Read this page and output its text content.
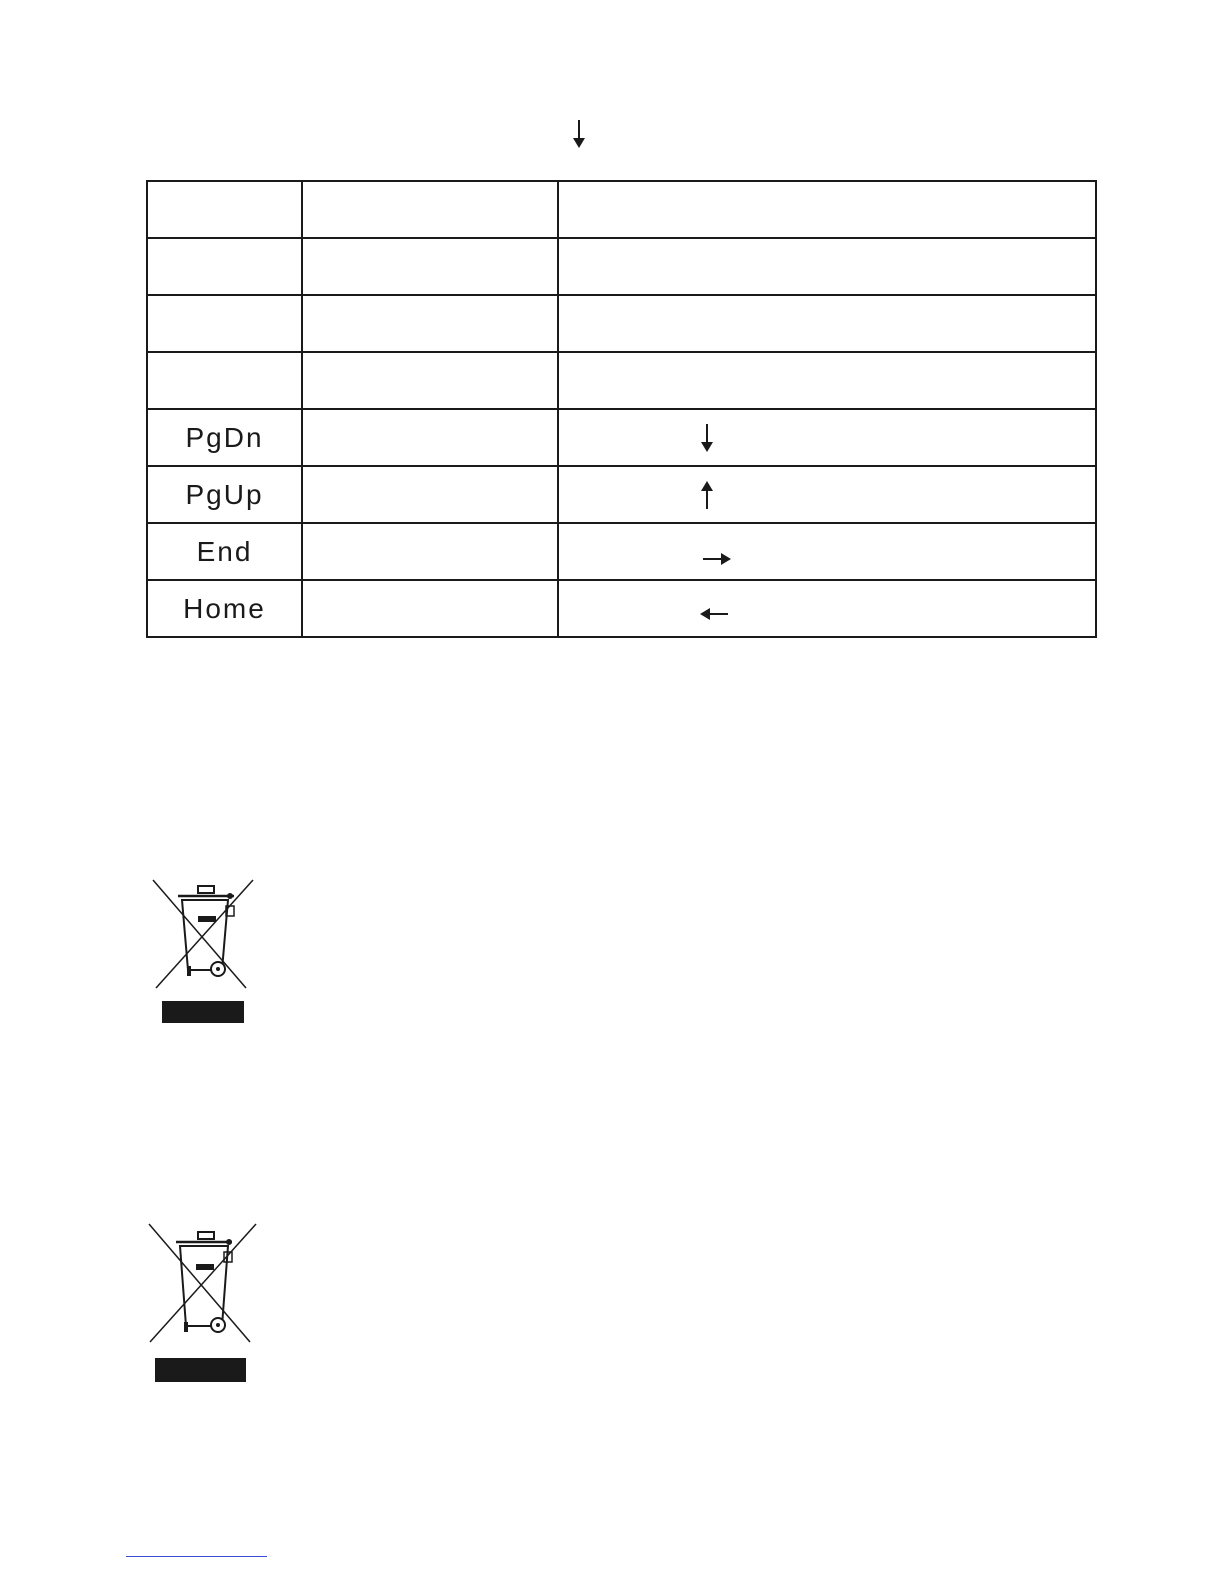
PgDn		

PgUp		

End		

Home		
